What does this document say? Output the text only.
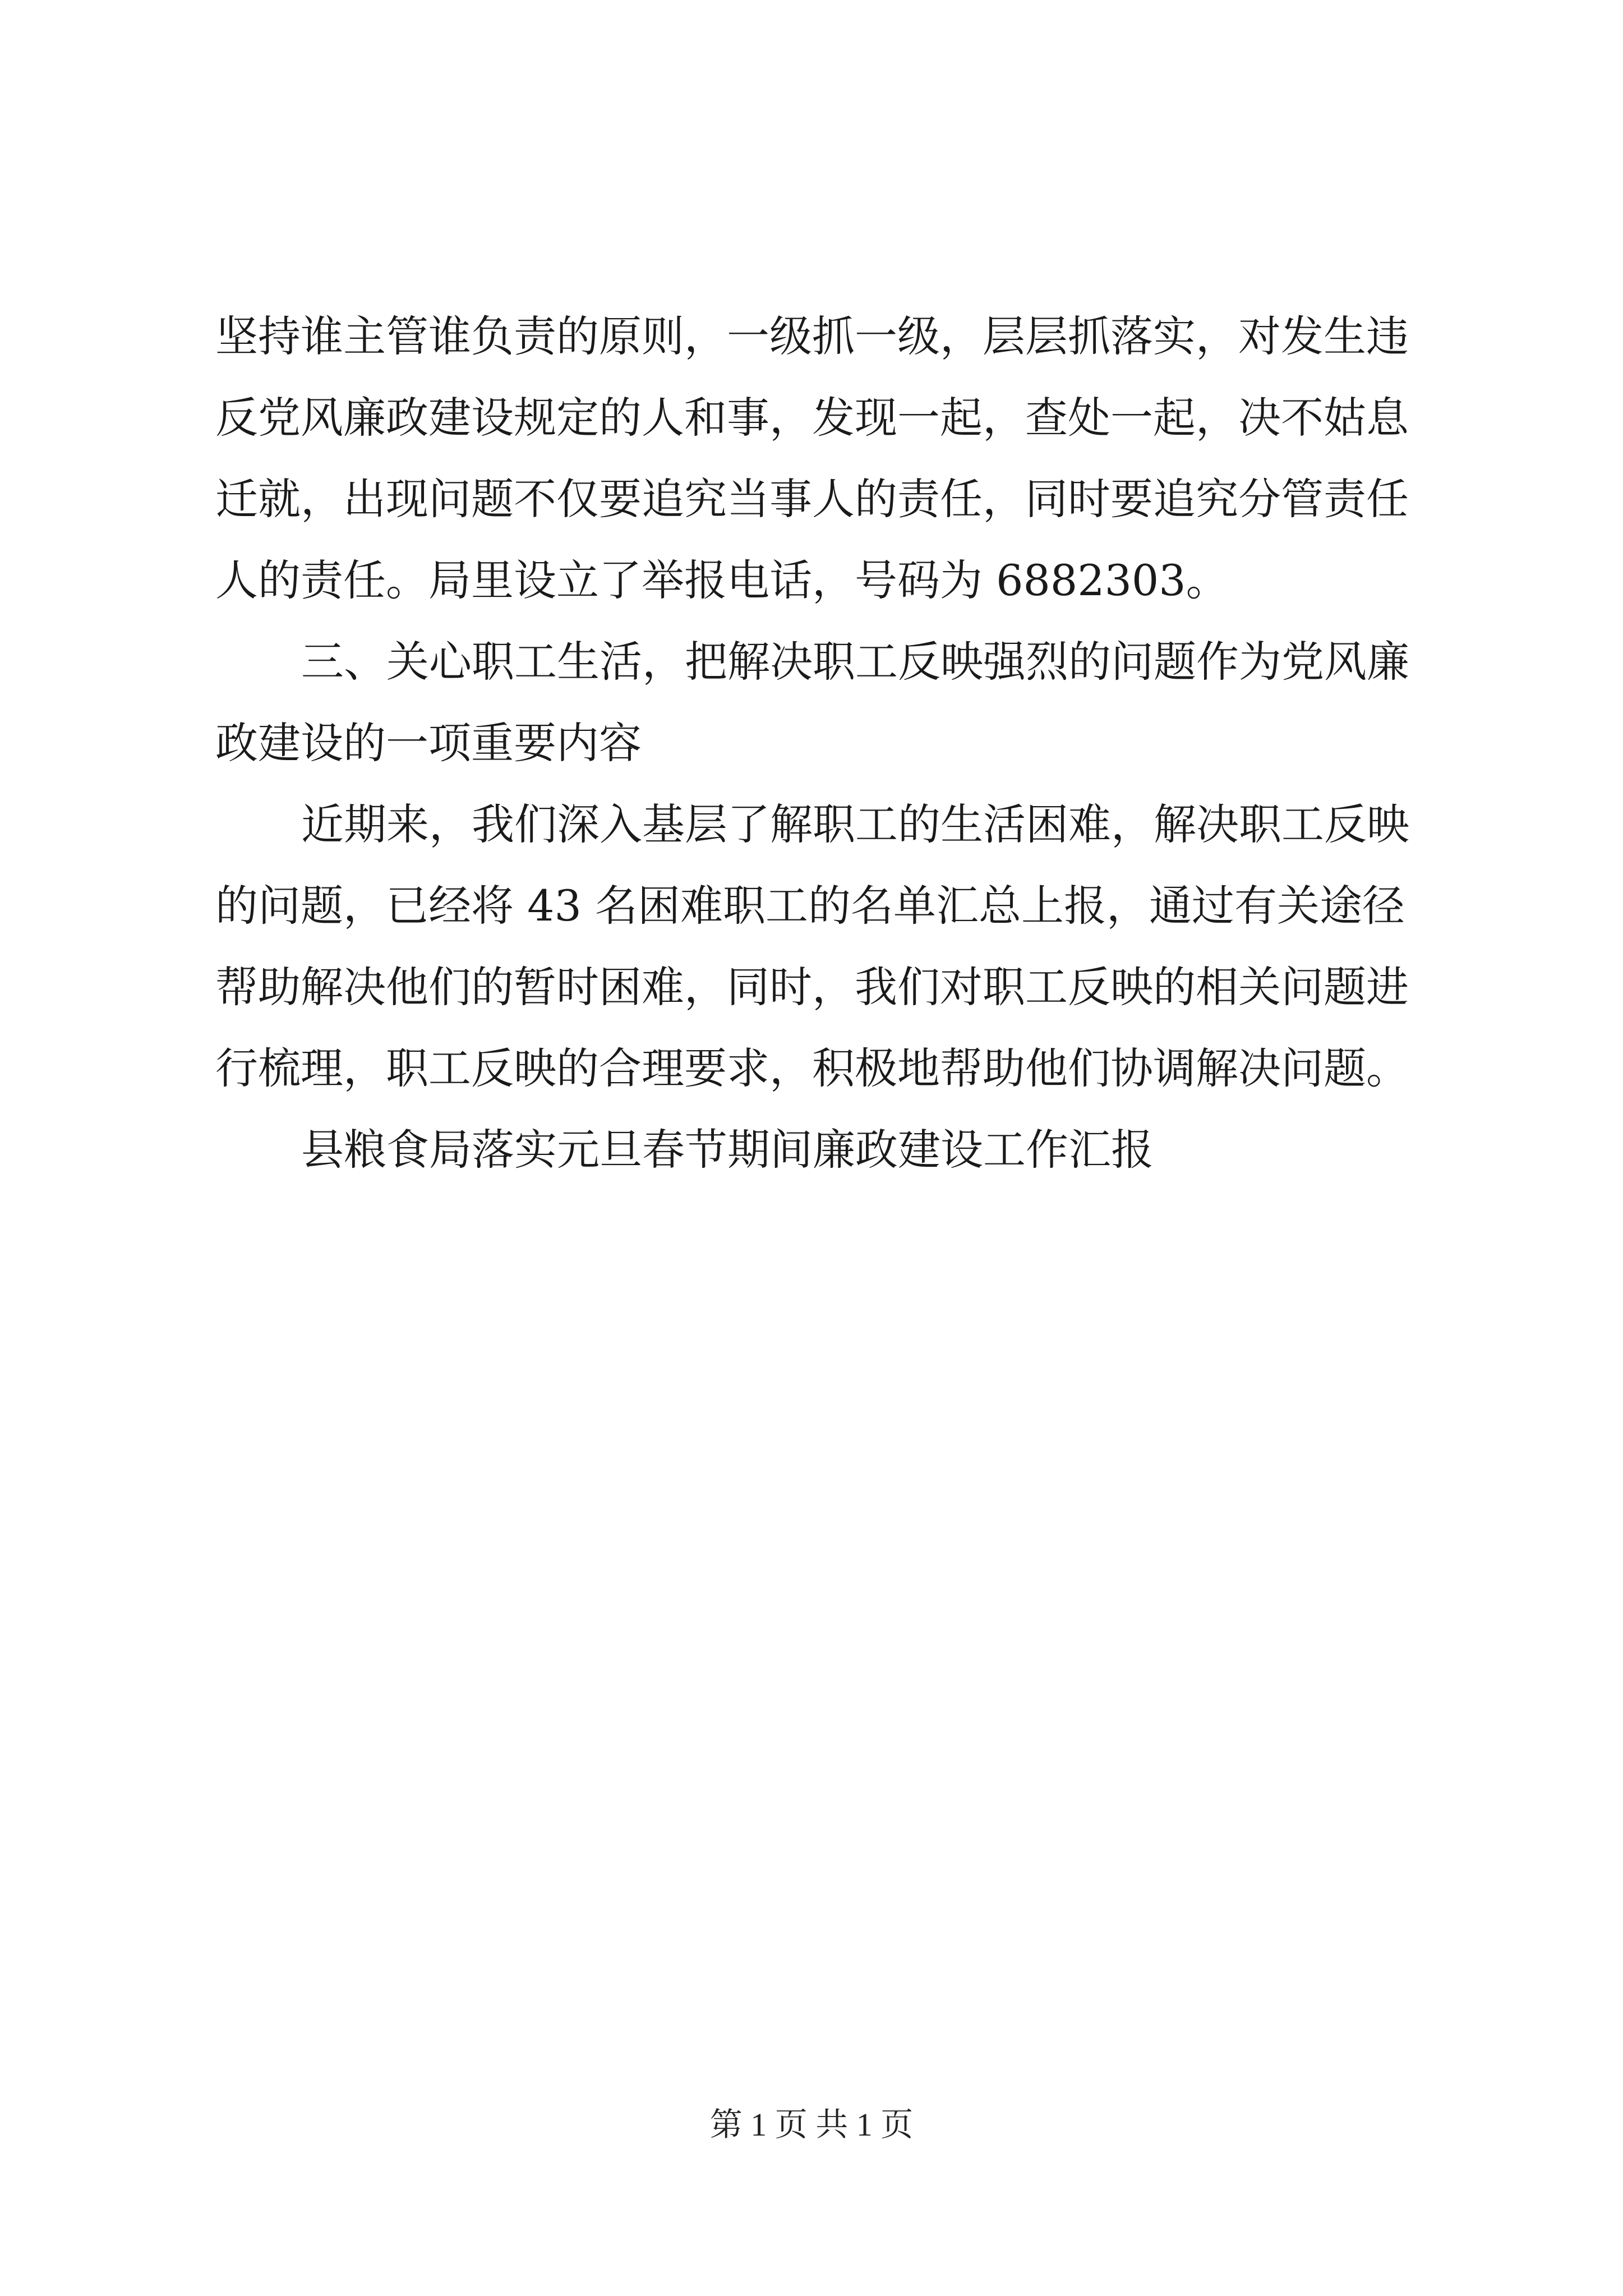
坚持谁主管谁负责的原则，一级抓一级，层层抓落实，对发生违
反党风廉政建设规定的人和事，发现一起，查处一起，决不姑息
迁就，出现问题不仅要追究当事人的责任，同时要追究分管责任
人的责任。局里设立了举报电话，号码为 6882303。
三、关心职工生活，把解决职工反映强烈的问题作为党风廉
政建设的一项重要内容
近期来，我们深入基层了解职工的生活困难，解决职工反映
的问题，已经将 43 名困难职工的名单汇总上报，通过有关途径
帮助解决他们的暂时困难，同时，我们对职工反映的相关问题进
行梳理，职工反映的合理要求，积极地帮助他们协调解决问题。
县粮食局落实元旦春节期间廉政建设工作汇报
第 1 页 共 1 页
